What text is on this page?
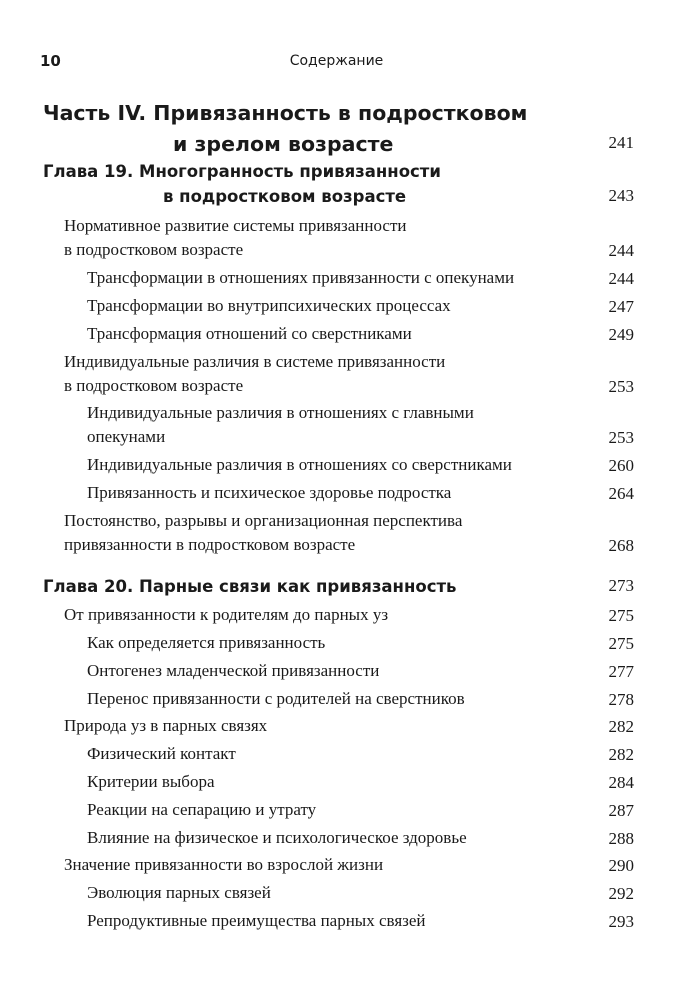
10	Содержание
Часть IV. Привязанность в подростковом
и зрелом возрасте	241
Глава 19. Многогранность привязанности
в подростковом возрасте	243
Нормативное развитие системы привязанности
в подростковом возрасте	244
Трансформации в отношениях привязанности с опекунами	244
Трансформации во внутрипсихических процессах	247
Трансформация отношений со сверстниками	249
Индивидуальные различия в системе привязанности
в подростковом возрасте	253
Индивидуальные различия в отношениях с главными
опекунами	253
Индивидуальные различия в отношениях со сверстниками	260
Привязанность и психическое здоровье подростка	264
Постоянство, разрывы и организационная перспектива
привязанности в подростковом возрасте	268
Глава 20. Парные связи как привязанность	273
От привязанности к родителям до парных уз	275
Как определяется привязанность	275
Онтогенез младенческой привязанности	277
Перенос привязанности с родителей на сверстников	278
Природа уз в парных связях	282
Физический контакт	282
Критерии выбора	284
Реакции на сепарацию и утрату	287
Влияние на физическое и психологическое здоровье	288
Значение привязанности во взрослой жизни	290
Эволюция парных связей	292
Репродуктивные преимущества парных связей	293
